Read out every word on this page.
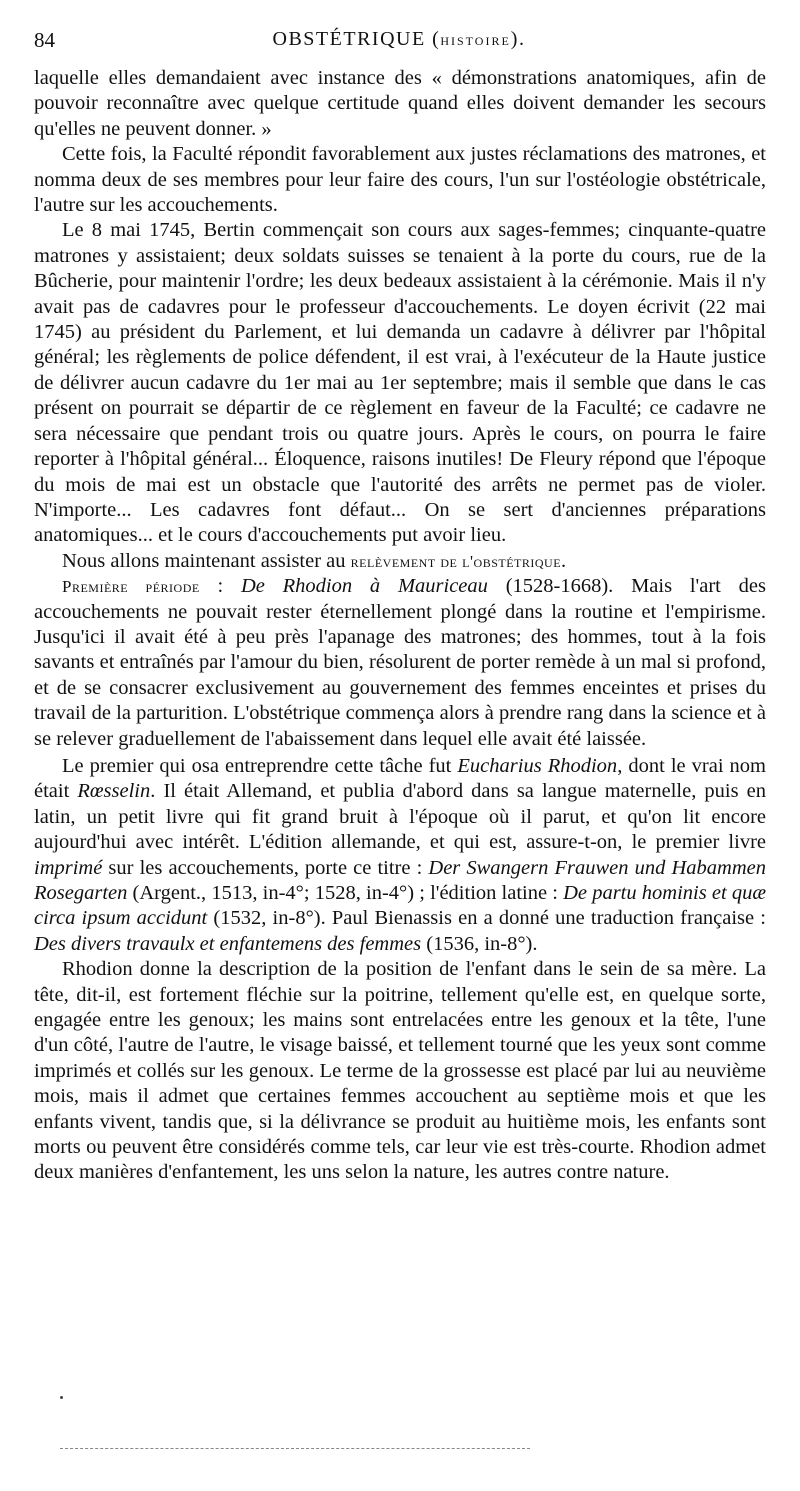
84	OBSTÉTRIQUE (HISTOIRE).

laquelle elles demandaient avec instance des « démonstrations anatomiques, afin de pouvoir reconnaître avec quelque certitude quand elles doivent demander les secours qu'elles ne peuvent donner. »

Cette fois, la Faculté répondit favorablement aux justes réclamations des matrones, et nomma deux de ses membres pour leur faire des cours, l'un sur l'ostéologie obstétricale, l'autre sur les accouchements.

Le 8 mai 1745, Bertin commençait son cours aux sages-femmes; cinquante-quatre matrones y assistaient; deux soldats suisses se tenaient à la porte du cours, rue de la Bûcherie, pour maintenir l'ordre; les deux bedeaux assistaient à la cérémonie. Mais il n'y avait pas de cadavres pour le professeur d'accouchements. Le doyen écrivit (22 mai 1745) au président du Parlement, et lui demanda un cadavre à délivrer par l'hôpital général; les règlements de police défendent, il est vrai, à l'exécuteur de la Haute justice de délivrer aucun cadavre du 1er mai au 1er septembre; mais il semble que dans le cas présent on pourrait se départir de ce règlement en faveur de la Faculté; ce cadavre ne sera nécessaire que pendant trois ou quatre jours. Après le cours, on pourra le faire reporter à l'hôpital général... Éloquence, raisons inutiles! De Fleury répond que l'époque du mois de mai est un obstacle que l'autorité des arrêts ne permet pas de violer. N'importe... Les cadavres font défaut... On se sert d'anciennes préparations anatomiques... et le cours d'accouchements put avoir lieu.

Nous allons maintenant assister au relèvement de l'obstétrique.

Première période : De Rhodion à Mauriceau (1528-1668). Mais l'art des accouchements ne pouvait rester éternellement plongé dans la routine et l'empirisme. Jusqu'ici il avait été à peu près l'apanage des matrones; des hommes, tout à la fois savants et entraînés par l'amour du bien, résolurent de porter remède à un mal si profond, et de se consacrer exclusivement au gouvernement des femmes enceintes et prises du travail de la parturition. L'obstétrique commença alors à prendre rang dans la science et à se relever graduellement de l'abaissement dans lequel elle avait été laissée.

Le premier qui osa entreprendre cette tâche fut Eucharius Rhodion, dont le vrai nom était Rœsselin. Il était Allemand, et publia d'abord dans sa langue maternelle, puis en latin, un petit livre qui fit grand bruit à l'époque où il parut, et qu'on lit encore aujourd'hui avec intérêt. L'édition allemande, et qui est, assure-t-on, le premier livre imprimé sur les accouchements, porte ce titre : Der Swangern Frauwen und Habammen Rosegarten (Argent., 1513, in-4°; 1528, in-4°) ; l'édition latine : De partu hominis et quæ circa ipsum accidunt (1532, in-8°). Paul Bienassis en a donné une traduction française : Des divers travaulx et enfantemens des femmes (1536, in-8°).

Rhodion donne la description de la position de l'enfant dans le sein de sa mère. La tête, dit-il, est fortement fléchie sur la poitrine, tellement qu'elle est, en quelque sorte, engagée entre les genoux; les mains sont entrelacées entre les genoux et la tête, l'une d'un côté, l'autre de l'autre, le visage baissé, et tellement tourné que les yeux sont comme imprimés et collés sur les genoux. Le terme de la grossesse est placé par lui au neuvième mois, mais il admet que certaines femmes accouchent au septième mois et que les enfants vivent, tandis que, si la délivrance se produit au huitième mois, les enfants sont morts ou peuvent être considérés comme tels, car leur vie est très-courte. Rhodion admet deux manières d'enfantement, les uns selon la nature, les autres contre nature.
